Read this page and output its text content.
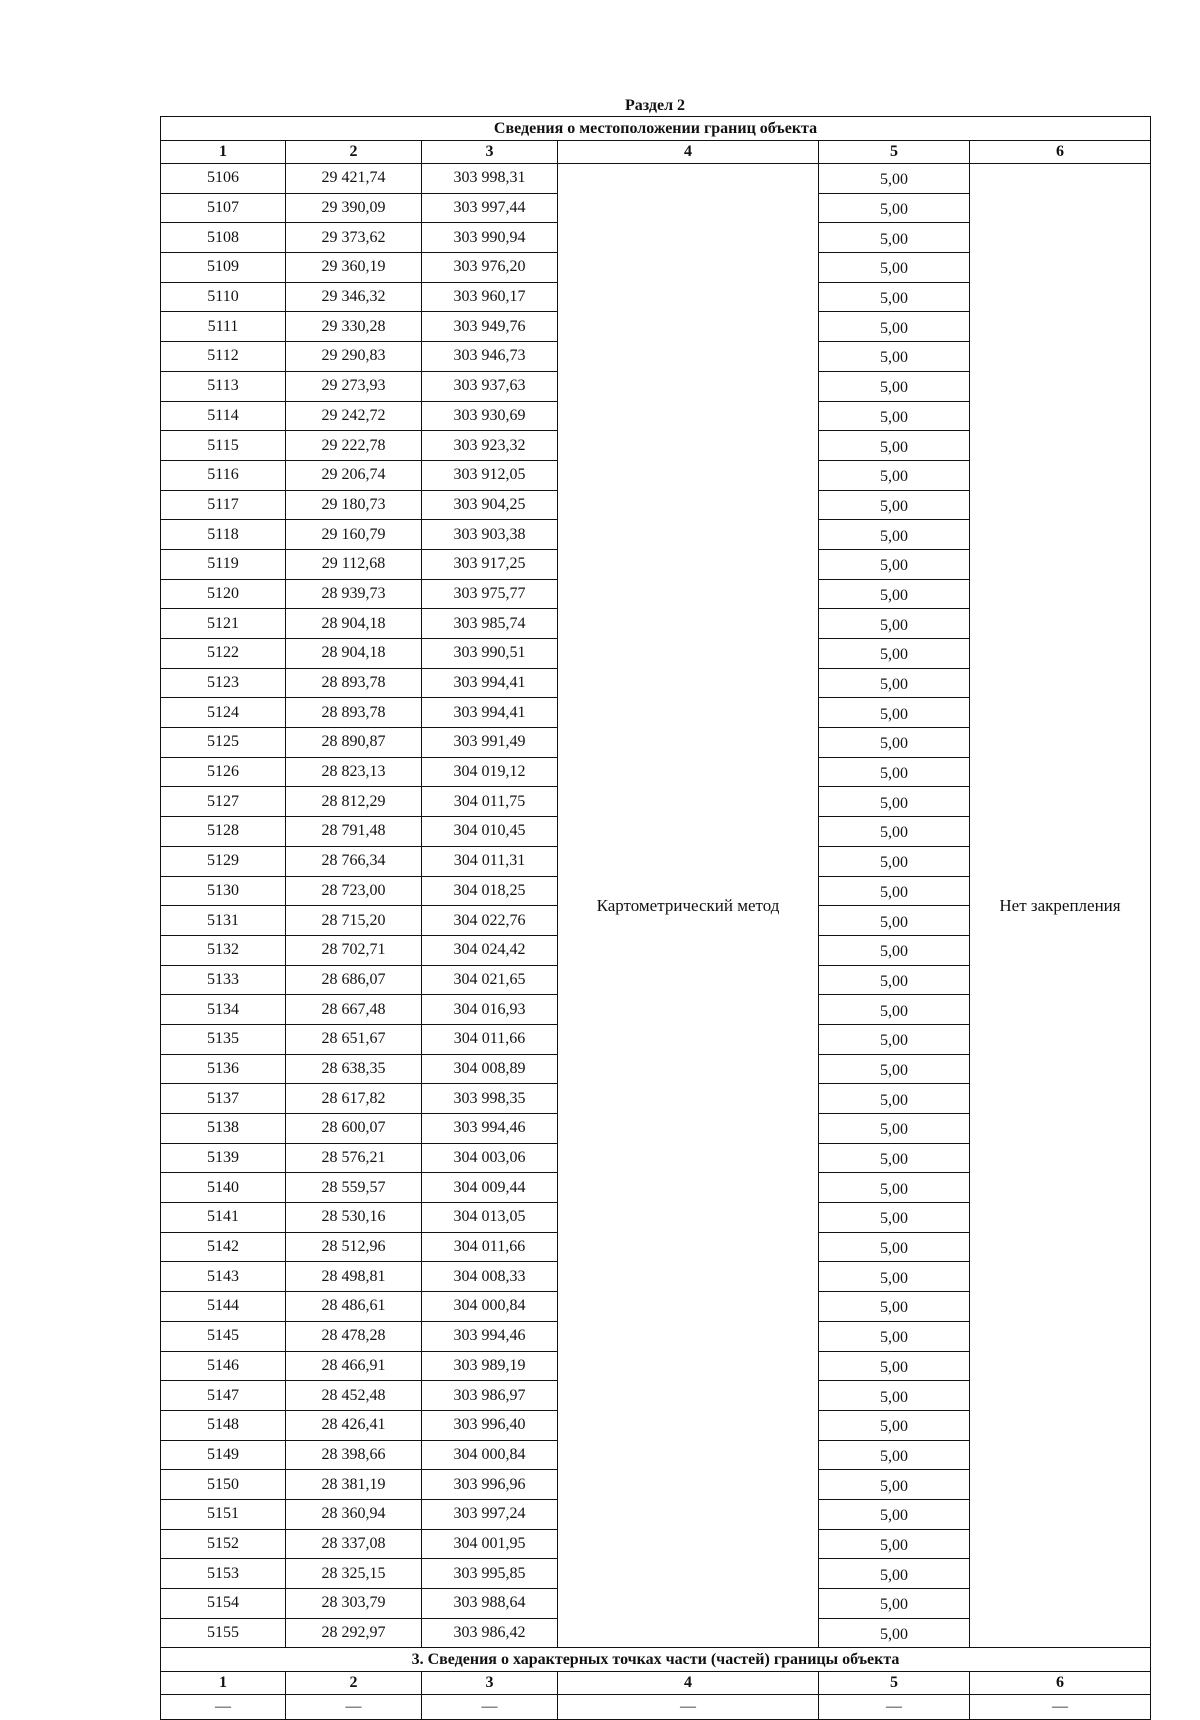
Раздел 2
Сведения о местоположении границ объекта					
1	2	3	4	5	6
5106	29 421,74	303 998,31	Картометрический метод	5,00	Нет закрепления
5107	29 390,09	303 997,44		5,00	
5108	29 373,62	303 990,94		5,00	
5109	29 360,19	303 976,20		5,00	
5110	29 346,32	303 960,17		5,00	
5111	29 330,28	303 949,76		5,00	
5112	29 290,83	303 946,73		5,00	
5113	29 273,93	303 937,63		5,00	
5114	29 242,72	303 930,69		5,00	
5115	29 222,78	303 923,32		5,00	
5116	29 206,74	303 912,05		5,00	
5117	29 180,73	303 904,25		5,00	
5118	29 160,79	303 903,38		5,00	
5119	29 112,68	303 917,25		5,00	
5120	28 939,73	303 975,77		5,00	
5121	28 904,18	303 985,74		5,00	
5122	28 904,18	303 990,51		5,00	
5123	28 893,78	303 994,41		5,00	
5124	28 893,78	303 994,41		5,00	
5125	28 890,87	303 991,49		5,00	
5126	28 823,13	304 019,12		5,00	
5127	28 812,29	304 011,75		5,00	
5128	28 791,48	304 010,45		5,00	
5129	28 766,34	304 011,31		5,00	
5130	28 723,00	304 018,25		5,00	
5131	28 715,20	304 022,76		5,00	
5132	28 702,71	304 024,42		5,00	
5133	28 686,07	304 021,65		5,00	
5134	28 667,48	304 016,93		5,00	
5135	28 651,67	304 011,66		5,00	
5136	28 638,35	304 008,89		5,00	
5137	28 617,82	303 998,35		5,00	
5138	28 600,07	303 994,46		5,00	
5139	28 576,21	304 003,06		5,00	
5140	28 559,57	304 009,44		5,00	
5141	28 530,16	304 013,05		5,00	
5142	28 512,96	304 011,66		5,00	
5143	28 498,81	304 008,33		5,00	
5144	28 486,61	304 000,84		5,00	
5145	28 478,28	303 994,46		5,00	
5146	28 466,91	303 989,19		5,00	
5147	28 452,48	303 986,97		5,00	
5148	28 426,41	303 996,40		5,00	
5149	28 398,66	304 000,84		5,00	
5150	28 381,19	303 996,96		5,00	
5151	28 360,94	303 997,24		5,00	
5152	28 337,08	304 001,95		5,00	
5153	28 325,15	303 995,85		5,00	
5154	28 303,79	303 988,64		5,00	
5155	28 292,97	303 986,42		5,00	
3. Сведения о характерных точках части (частей) границы объекта					
1	2	3	4	5	6
—	—	—	—	—	—
